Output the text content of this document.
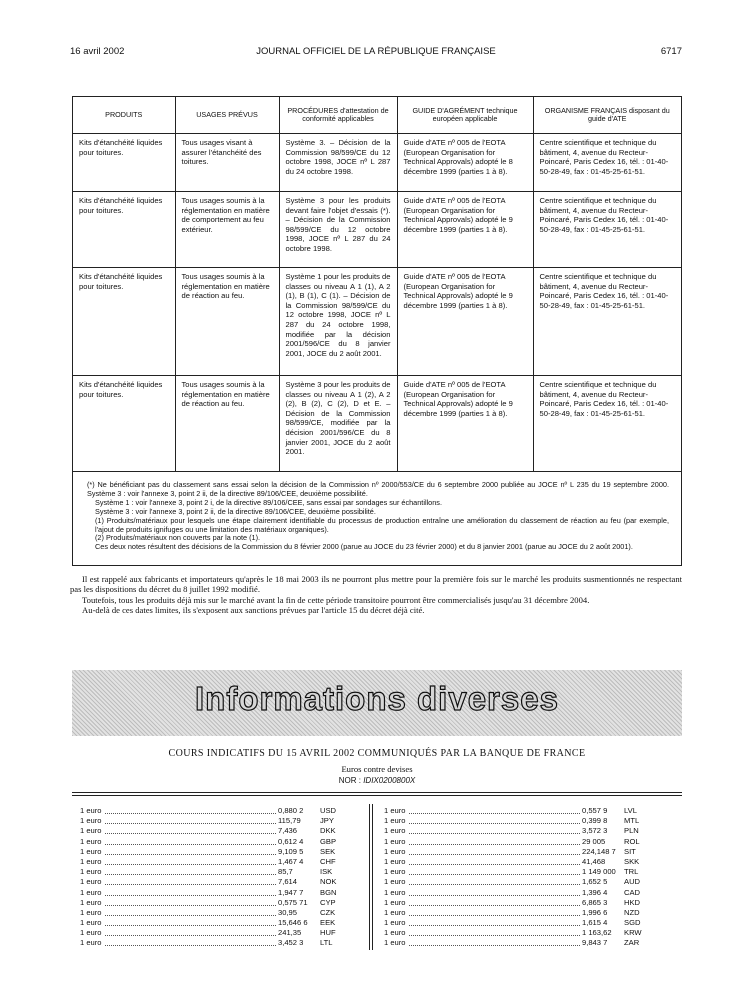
16 avril 2002	JOURNAL OFFICIEL DE LA RÉPUBLIQUE FRANÇAISE	6717
PRODUITS	USAGES PRÉVUS	PROCÉDURES d'attestation de conformité applicables	GUIDE D'AGRÉMENT technique européen applicable	ORGANISME FRANÇAIS disposant du guide d'ATE
Kits d'étanchéité liquides pour toitures.	Tous usages visant à assurer l'étanchéité des toitures.	Système 3. – Décision de la Commission 98/599/CE du 12 octobre 1998, JOCE nº L 287 du 24 octobre 1998.	Guide d'ATE nº 005 de l'EOTA (European Organisation for Technical Approvals) adopté le 8 décembre 1999 (parties 1 à 8).	Centre scientifique et technique du bâtiment, 4, avenue du Recteur-Poincaré, Paris Cedex 16, tél. : 01-40-50-28-49, fax : 01-45-25-61-51.
Kits d'étanchéité liquides pour toitures.	Tous usages soumis à la réglementation en matière de comportement au feu extérieur.	Système 3 pour les produits devant faire l'objet d'essais (*). – Décision de la Commission 98/599/CE du 12 octobre 1998, JOCE nº L 287 du 24 octobre 1998.	Guide d'ATE nº 005 de l'EOTA (European Organisation for Technical Approvals) adopté le 9 décembre 1999 (parties 1 à 8).	Centre scientifique et technique du bâtiment, 4, avenue du Recteur-Poincaré, Paris Cedex 16, tél. : 01-40-50-28-49, fax : 01-45-25-61-51.
Kits d'étanchéité liquides pour toitures.	Tous usages soumis à la réglementation en matière de réaction au feu.	Système 1 pour les produits de classes ou niveau A 1 (1), A 2 (1), B (1), C (1). – Décision de la Commission 98/599/CE du 12 octobre 1998, JOCE nº L 287 du 24 octobre 1998, modifiée par la décision 2001/596/CE du 8 janvier 2001, JOCE du 2 août 2001.	Guide d'ATE nº 005 de l'EOTA (European Organisation for Technical Approvals) adopté le 9 décembre 1999 (parties 1 à 8).	Centre scientifique et technique du bâtiment, 4, avenue du Recteur-Poincaré, Paris Cedex 16, tél. : 01-40-50-28-49, fax : 01-45-25-61-51.
Kits d'étanchéité liquides pour toitures.	Tous usages soumis à la réglementation en matière de réaction au feu.	Système 3 pour les produits de classes ou niveau A 1 (2), A 2 (2), B (2), C (2), D et E. – Décision de la Commission 98/599/CE, modifiée par la décision 2001/596/CE du 8 janvier 2001, JOCE du 2 août 2001.	Guide d'ATE nº 005 de l'EOTA (European Organisation for Technical Approvals) adopté le 9 décembre 1999 (parties 1 à 8).	Centre scientifique et technique du bâtiment, 4, avenue du Recteur-Poincaré, Paris Cedex 16, tél. : 01-40-50-28-49, fax : 01-45-25-61-51.
(*) Ne bénéficiant pas du classement sans essai selon la décision de la Commission nº 2000/553/CE du 6 septembre 2000 publiée au JOCE nº L 235 du 19 septembre 2000. Système 3 : voir l'annexe 3, point 2 ii, de la directive 89/106/CEE, deuxième possibilité.
Système 1 : voir l'annexe 3, point 2 i, de la directive 89/106/CEE, sans essai par sondages sur échantillons.
Système 3 : voir l'annexe 3, point 2 ii, de la directive 89/106/CEE, deuxième possibilité.
(1) Produits/matériaux pour lesquels une étape clairement identifiable du processus de production entraîne une amélioration du classement de réaction au feu (par exemple, l'ajout de produits ignifuges ou une limitation des matériaux organiques).
(2) Produits/matériaux non couverts par la note (1).
Ces deux notes résultent des décisions de la Commission du 8 février 2000 (parue au JOCE du 23 février 2000) et du 8 janvier 2001 (parue au JOCE du 2 août 2001).

Il est rappelé aux fabricants et importateurs qu'après le 18 mai 2003 ils ne pourront plus mettre pour la première fois sur le marché les produits susmentionnés ne respectant pas les dispositions du décret du 8 juillet 1992 modifié.

Toutefois, tous les produits déjà mis sur le marché avant la fin de cette période transitoire pourront être commercialisés jusqu'au 31 décembre 2004.

Au-delà de ces dates limites, ils s'exposent aux sanctions prévues par l'article 15 du décret déjà cité.

Informations diverses
COURS INDICATIFS DU 15 AVRIL 2002 COMMUNIQUÉS PAR LA BANQUE DE FRANCE
Euros contre devises
NOR : IDIX0200800X
1 euro	0,880 2	USD
1 euro	115,79	JPY
1 euro	7,436	DKK
1 euro	0,612 4	GBP
1 euro	9,109 5	SEK
1 euro	1,467 4	CHF
1 euro	85,7	ISK
1 euro	7,614	NOK
1 euro	1,947 7	BGN
1 euro	0,575 71	CYP
1 euro	30,95	CZK
1 euro	15,646 6	EEK
1 euro	241,35	HUF
1 euro	3,452 3	LTL
1 euro	0,557 9	LVL
1 euro	0,399 8	MTL
1 euro	3,572 3	PLN
1 euro	29 005	ROL
1 euro	224,148 7	SIT
1 euro	41,468	SKK
1 euro	1 149 000	TRL
1 euro	1,652 5	AUD
1 euro	1,396 4	CAD
1 euro	6,865 3	HKD
1 euro	1,996 6	NZD
1 euro	1,615 4	SGD
1 euro	1 163,62	KRW
1 euro	9,843 7	ZAR
